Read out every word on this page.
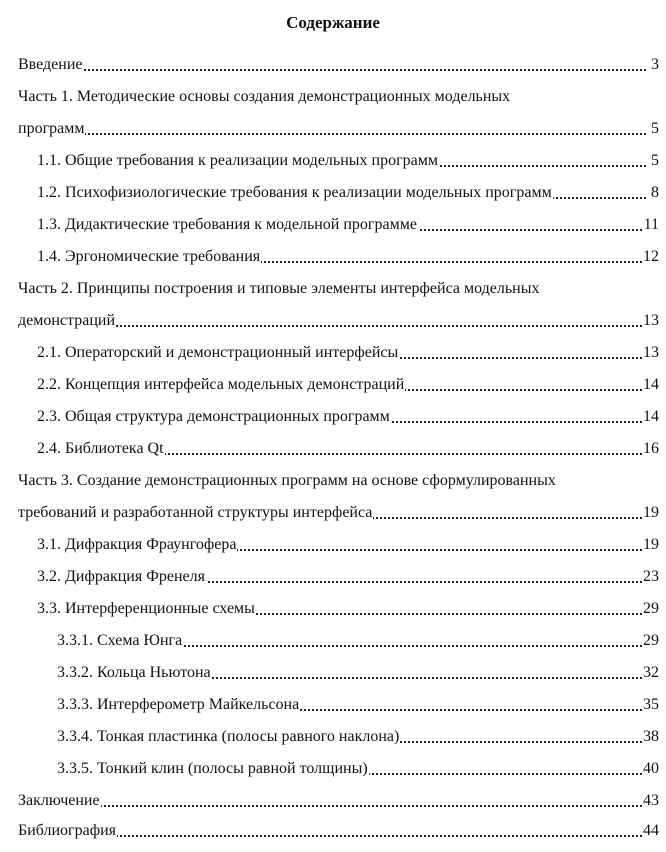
Содержание
Введение	3
Часть 1. Методические основы создания демонстрационных модельных
программ	5
1.1. Общие требования к реализации модельных программ	5
1.2. Психофизиологические требования к реализации модельных программ	8
1.3. Дидактические требования к модельной программе	11
1.4. Эргономические требования	12
Часть 2. Принципы построения и типовые элементы интерфейса модельных
демонстраций	13
2.1. Операторский и демонстрационный интерфейсы	13
2.2. Концепция интерфейса модельных демонстраций	14
2.3. Общая структура демонстрационных программ	14
2.4. Библиотека Qt	16
Часть 3. Создание демонстрационных программ на основе сформулированных
требований и разработанной структуры интерфейса	19
3.1. Дифракция Фраунгофера	19
3.2. Дифракция Френеля	23
3.3. Интерференционные схемы	29
3.3.1. Схема Юнга	29
3.3.2. Кольца Ньютона	32
3.3.3. Интерферометр Майкельсона	35
3.3.4. Тонкая пластинка (полосы равного наклона)	38
3.3.5. Тонкий клин (полосы равной толщины)	40
Заключение	43
Библиография	44
